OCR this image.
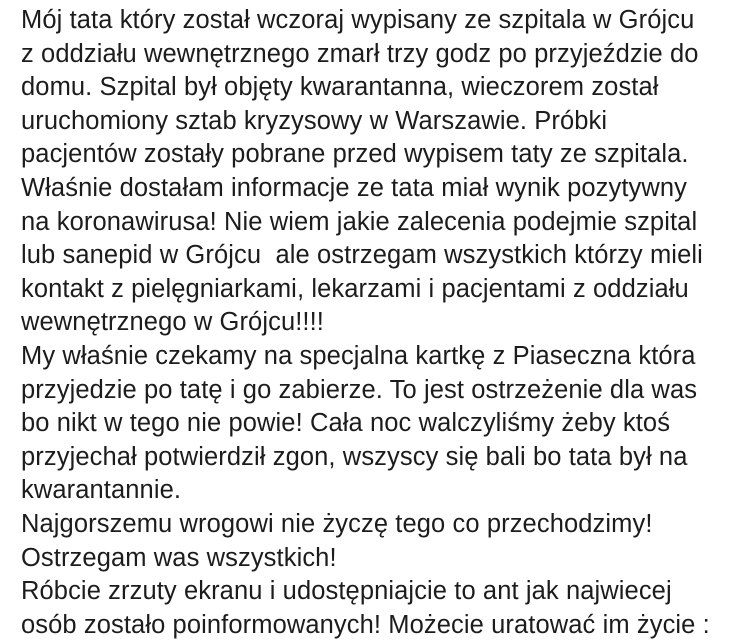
Mój tata który został wczoraj wypisany ze szpitala w Grójcu
z oddziału wewnętrznego zmarł trzy godz po przyjeździe do
domu. Szpital był objęty kwarantanna, wieczorem został
uruchomiony sztab kryzysowy w Warszawie. Próbki
pacjentów zostały pobrane przed wypisem taty ze szpitala.
Właśnie dostałam informacje ze tata miał wynik pozytywny
na koronawirusa! Nie wiem jakie zalecenia podejmie szpital
lub sanepid w Grójcu  ale ostrzegam wszystkich którzy mieli
kontakt z pielęgniarkami, lekarzami i pacjentami z oddziału
wewnętrznego w Grójcu!!!!
My właśnie czekamy na specjalna kartkę z Piaseczna która
przyjedzie po tatę i go zabierze. To jest ostrzeżenie dla was
bo nikt w tego nie powie! Cała noc walczyliśmy żeby ktoś
przyjechał potwierdził zgon, wszyscy się bali bo tata był na
kwarantannie.
Najgorszemu wrogowi nie życzę tego co przechodzimy!
Ostrzegam was wszystkich!
Róbcie zrzuty ekranu i udostępniajcie to ant jak najwiecej
osób zostało poinformowanych! Możecie uratować im życie :
